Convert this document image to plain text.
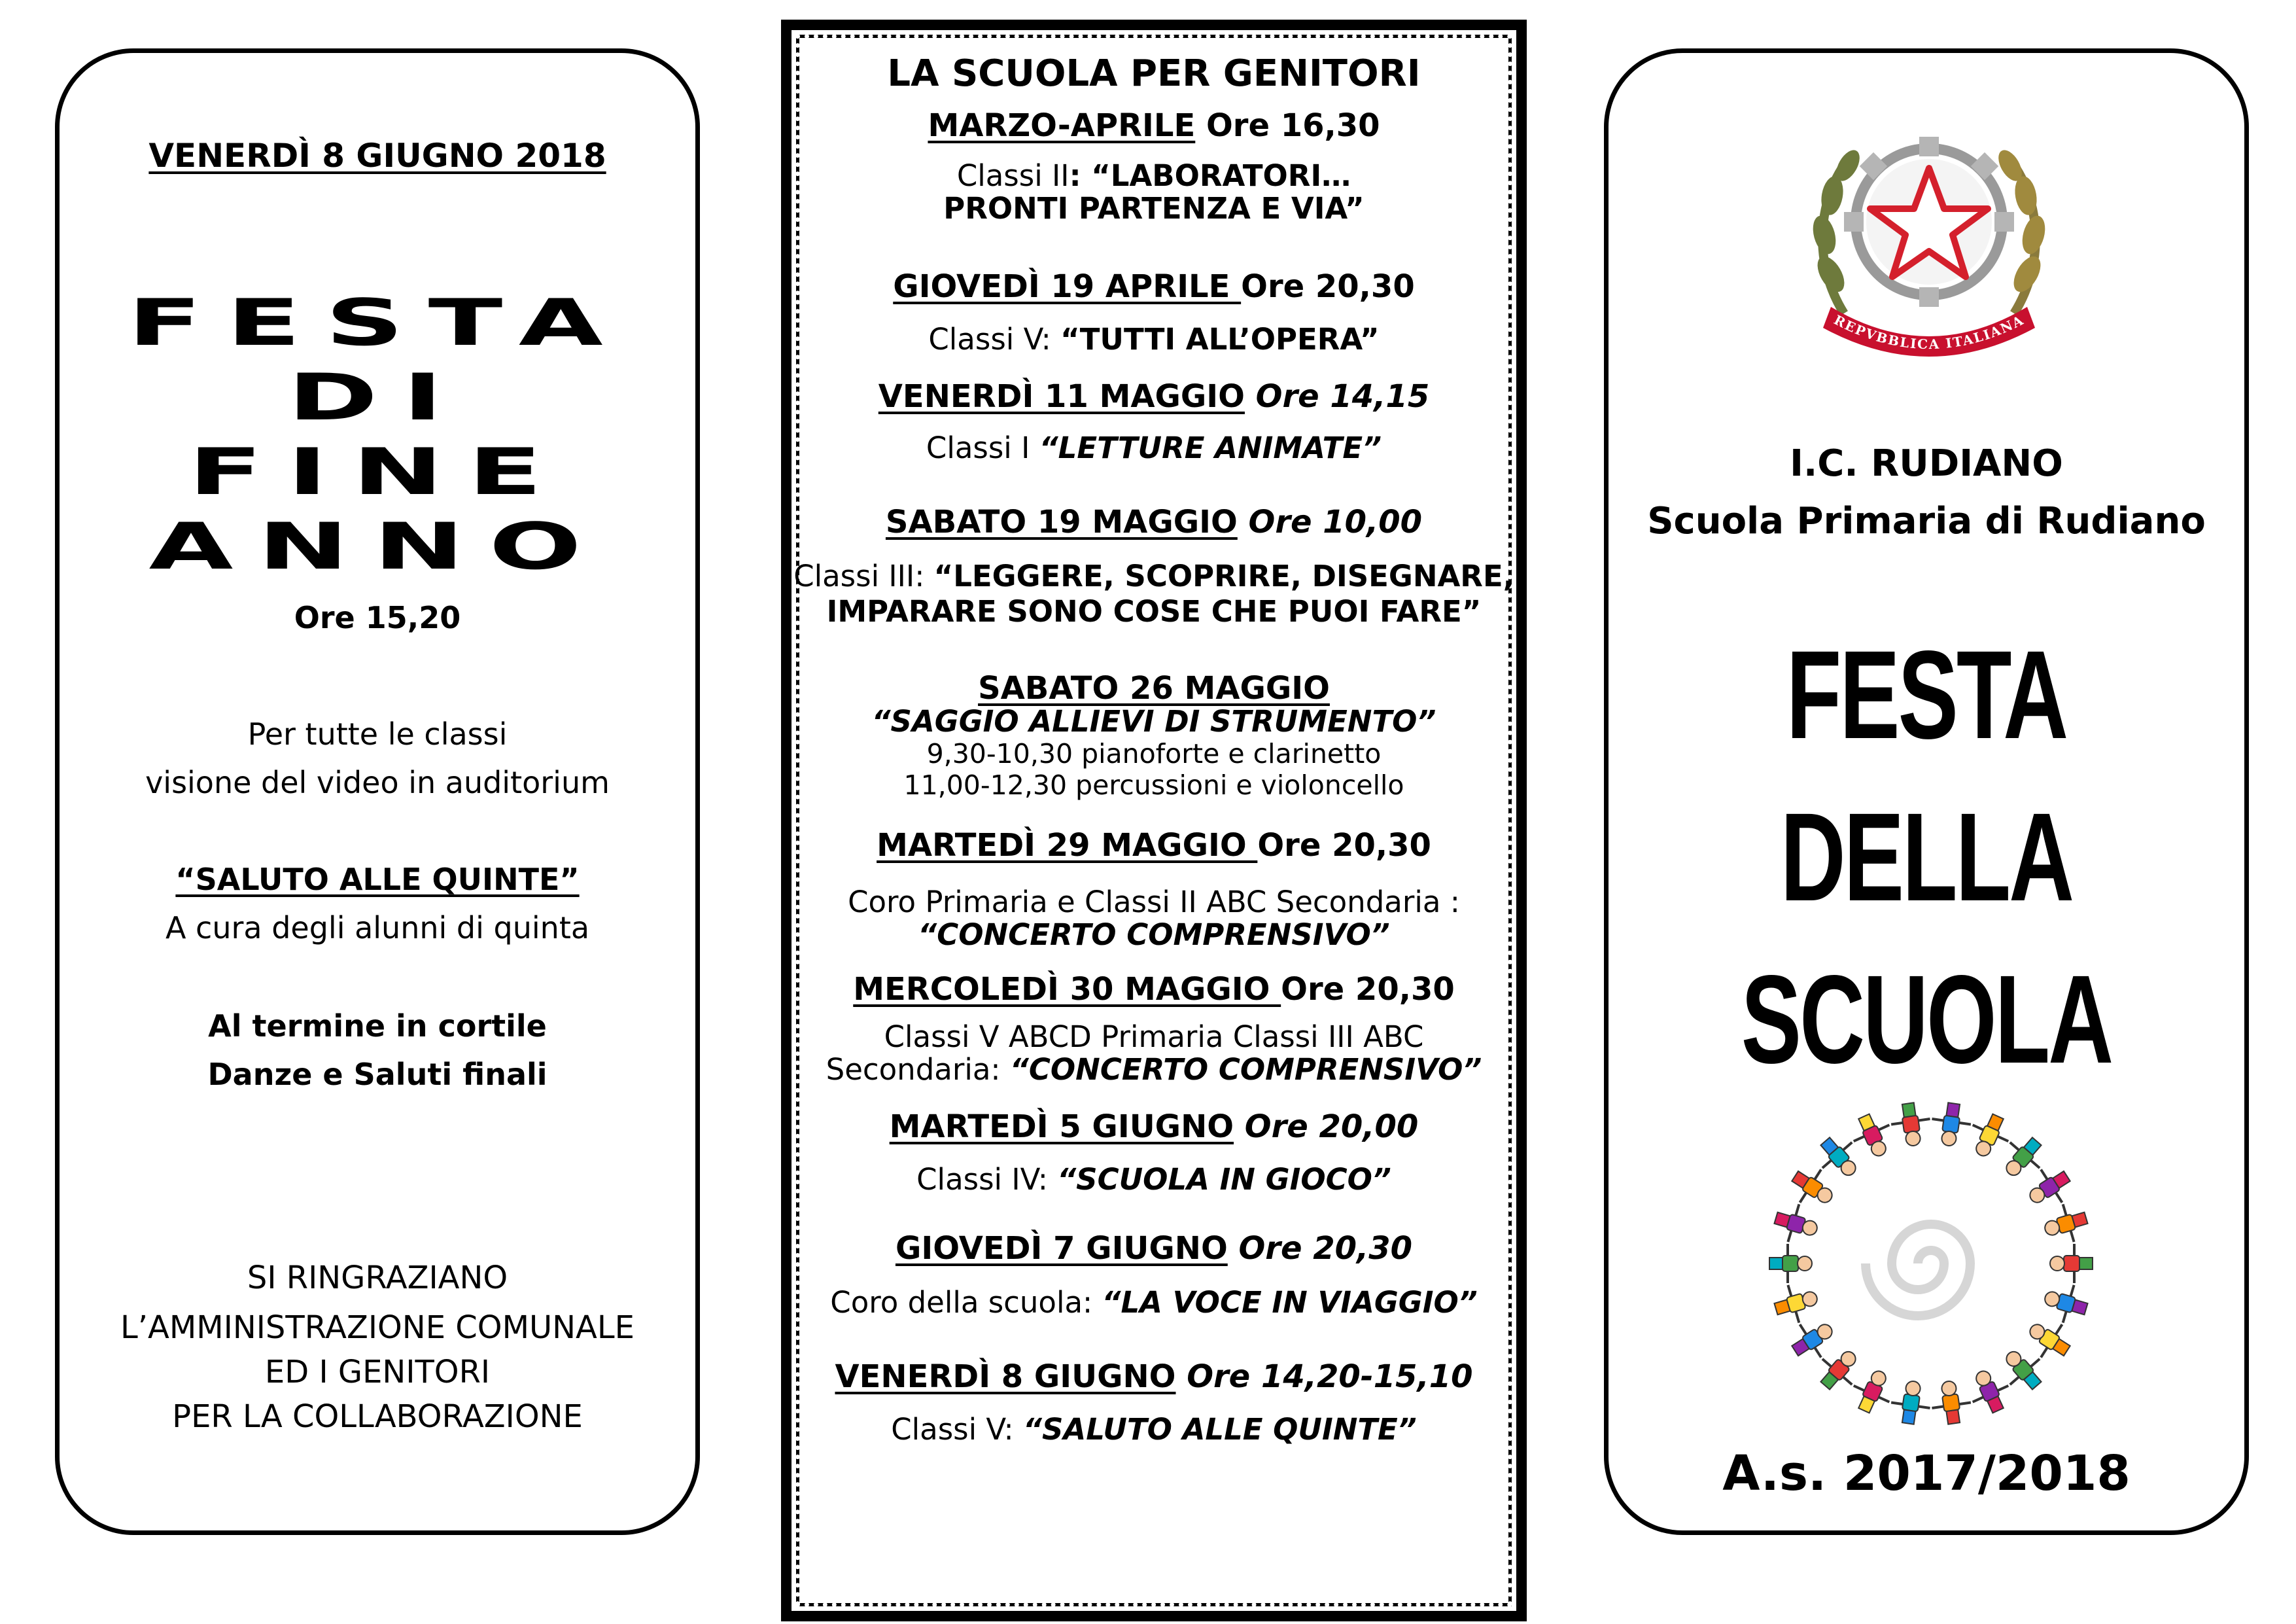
VENERDÌ 8 GIUGNO 2018
FESTA
DI
FINE
ANNO
Ore 15,20
Per tutte le classi
visione del video in auditorium
“SALUTO ALLE QUINTE”
A cura degli alunni di quinta
Al termine in cortile
Danze e Saluti finali
SI RINGRAZIANO
L’AMMINISTRAZIONE COMUNALE
ED I GENITORI
PER LA COLLABORAZIONE
LA SCUOLA PER GENITORI
MARZO-APRILE Ore 16,30
Classi II: “LABORATORI…
PRONTI PARTENZA E VIA”
GIOVEDÌ 19 APRILE Ore 20,30
Classi V: “TUTTI ALL’OPERA”
VENERDÌ 11 MAGGIO Ore 14,15
Classi I “LETTURE ANIMATE”
SABATO 19 MAGGIO Ore 10,00
Classi III: “LEGGERE, SCOPRIRE, DISEGNARE,
IMPARARE SONO COSE CHE PUOI FARE”
SABATO 26 MAGGIO
“SAGGIO ALLIEVI DI STRUMENTO”
9,30-10,30 pianoforte e clarinetto
11,00-12,30 percussioni e violoncello
MARTEDÌ 29 MAGGIO Ore 20,30
Coro Primaria e Classi II ABC Secondaria :
“CONCERTO COMPRENSIVO”
MERCOLEDÌ 30 MAGGIO Ore 20,30
Classi V ABCD Primaria Classi III ABC
Secondaria: “CONCERTO COMPRENSIVO”
MARTEDÌ 5 GIUGNO Ore 20,00
Classi IV: “SCUOLA IN GIOCO”
GIOVEDÌ 7 GIUGNO Ore 20,30
Coro della scuola: “LA VOCE IN VIAGGIO”
VENERDÌ 8 GIUGNO Ore 14,20-15,10
Classi V: “SALUTO ALLE QUINTE”
REPVBBLICA ITALIANA
I.C. RUDIANO
Scuola Primaria di Rudiano
FESTA
DELLA
SCUOLA
A.s. 2017/2018
